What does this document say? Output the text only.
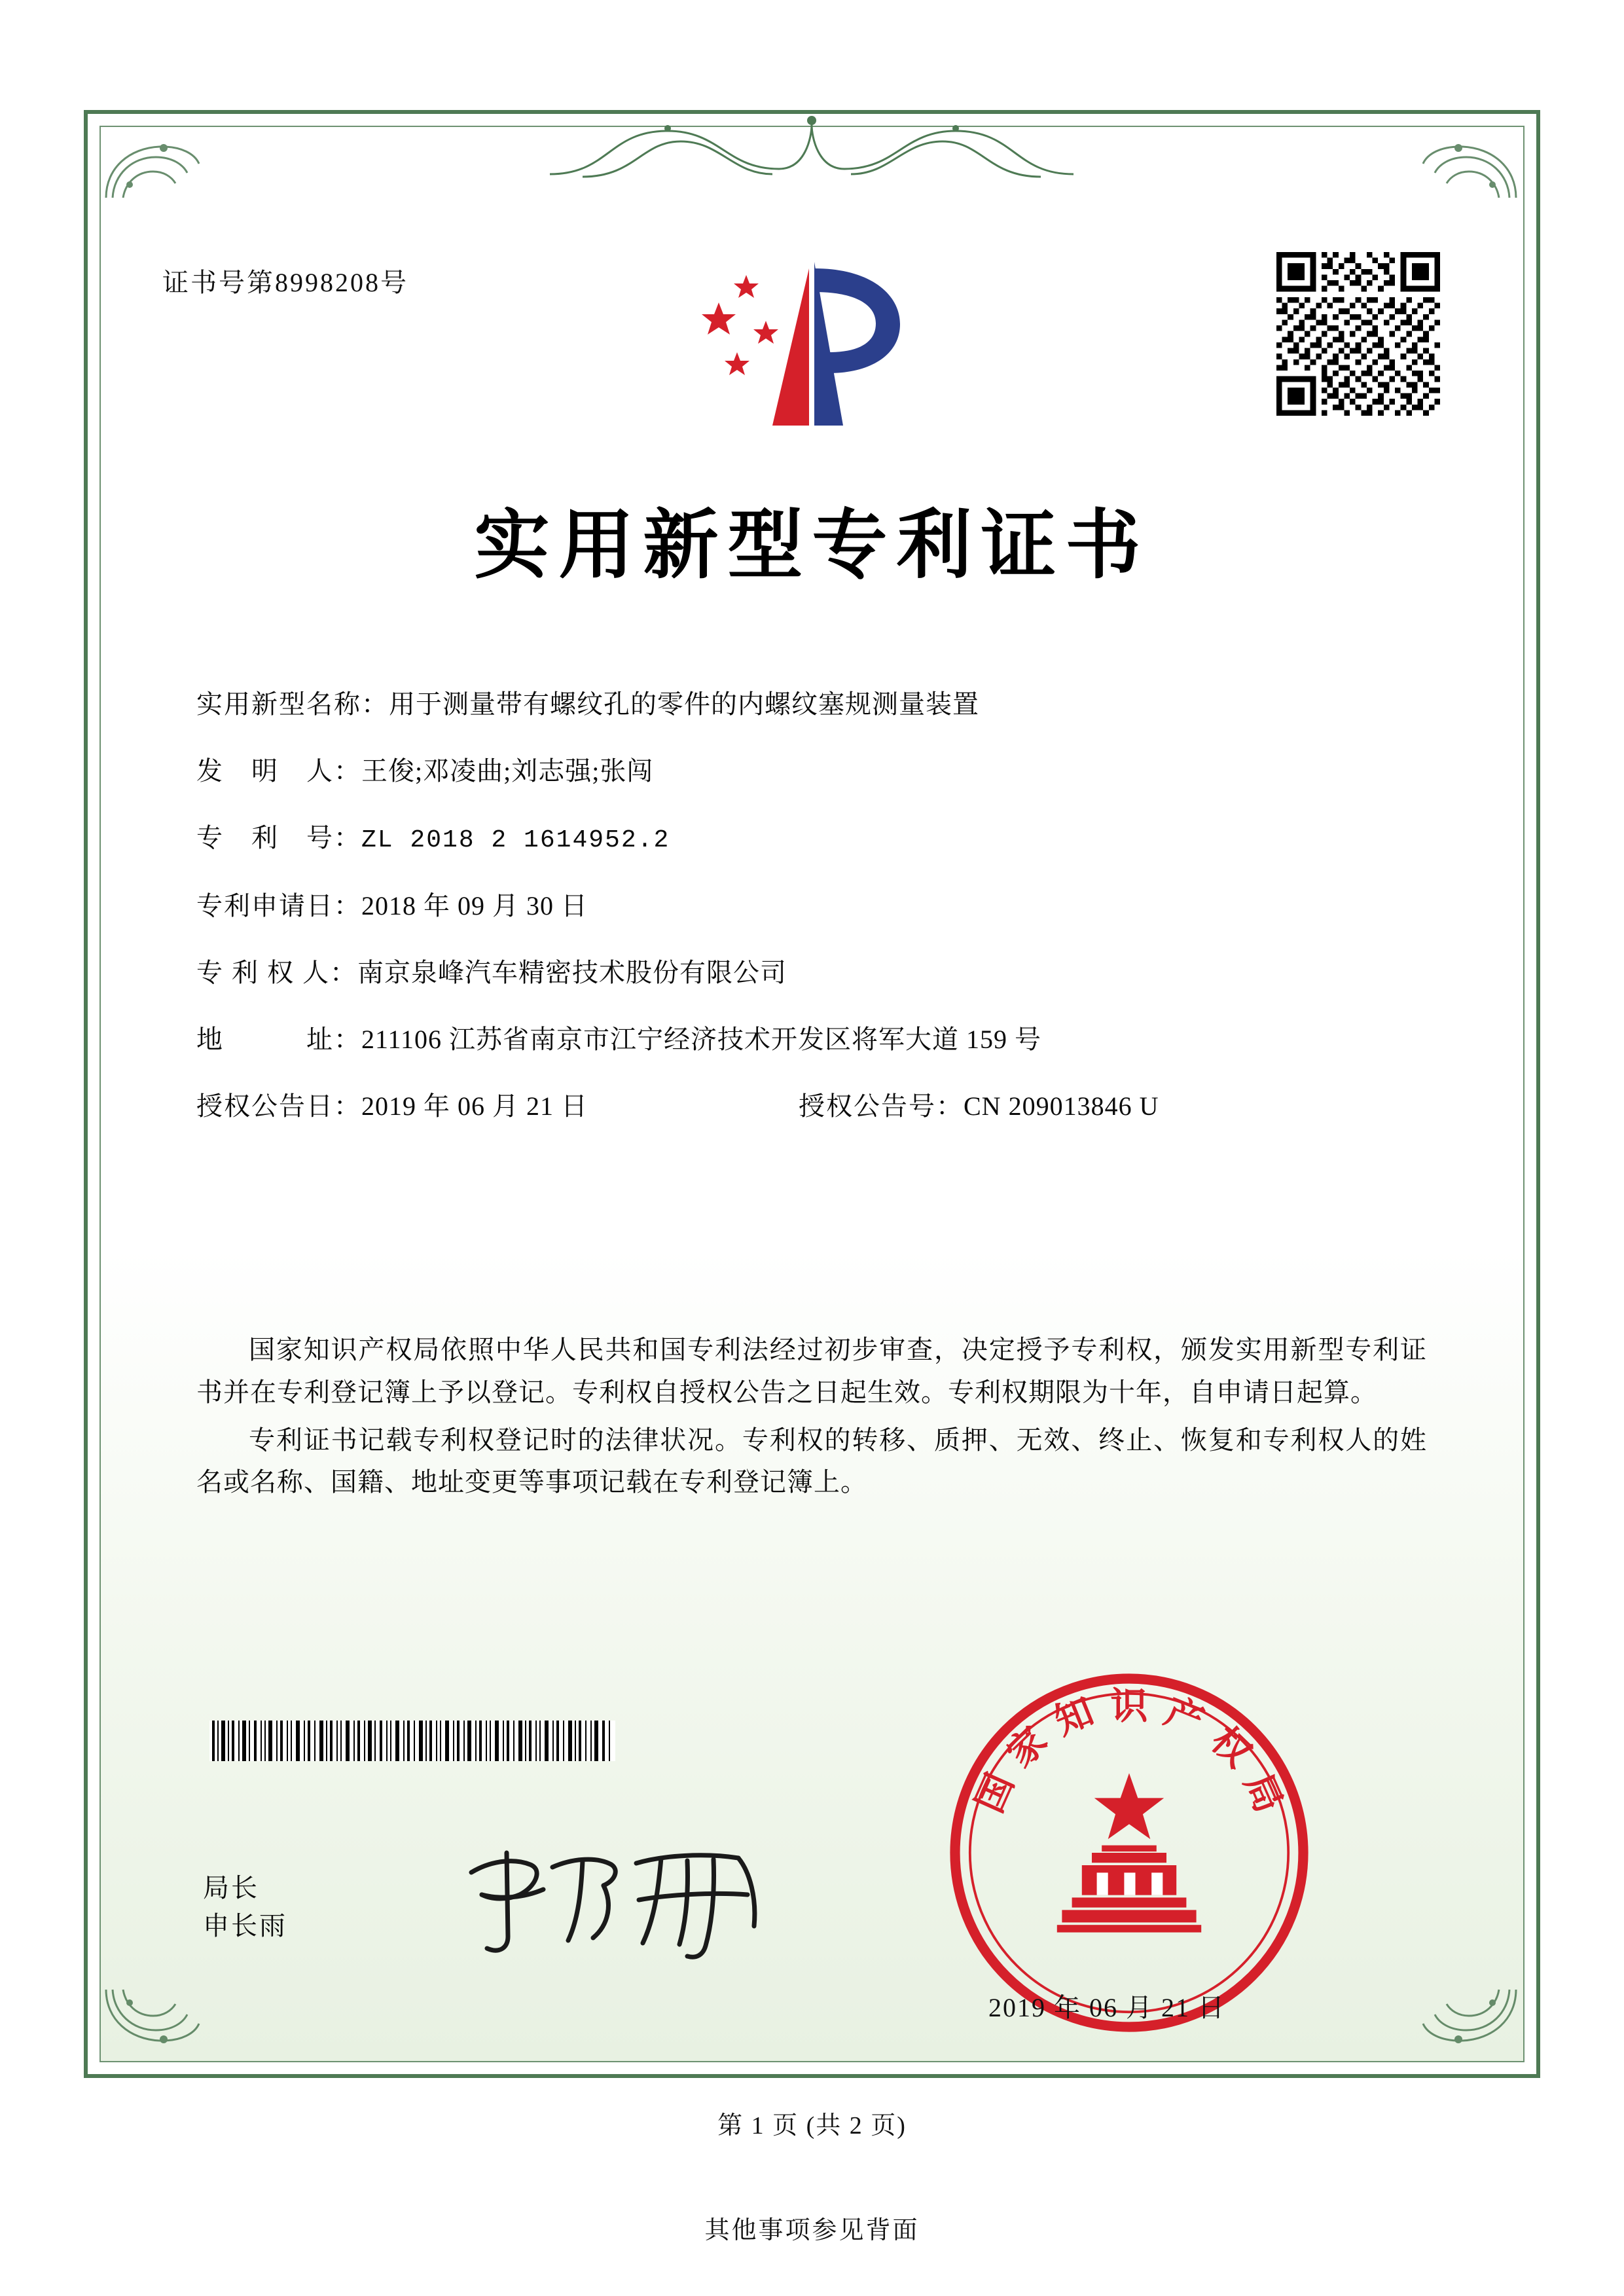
证书号第8998208号
实用新型专利证书
实用新型名称： 用于测量带有螺纹孔的零件的内螺纹塞规测量装置
发　明　人： 王俊;邓凌曲;刘志强;张闯
专　利　号： ZL 2018 2 1614952.2
专利申请日： 2018 年 09 月 30 日
专 利 权 人： 南京泉峰汽车精密技术股份有限公司
地　　　址： 211106 江苏省南京市江宁经济技术开发区将军大道 159 号
授权公告日： 2019 年 06 月 21 日	授权公告号： CN 209013846 U

国家知识产权局依照中华人民共和国专利法经过初步审查，决定授予专利权，颁发实用新型专利证书并在专利登记簿上予以登记。专利权自授权公告之日起生效。专利权期限为十年，自申请日起算。

专利证书记载专利权登记时的法律状况。专利权的转移、质押、无效、终止、恢复和专利权人的姓名或名称、国籍、地址变更等事项记载在专利登记簿上。

局长
申长雨
国
家
知 识 产
权
局
2019 年 06 月 21 日
第 1 页 (共 2 页)
其他事项参见背面
